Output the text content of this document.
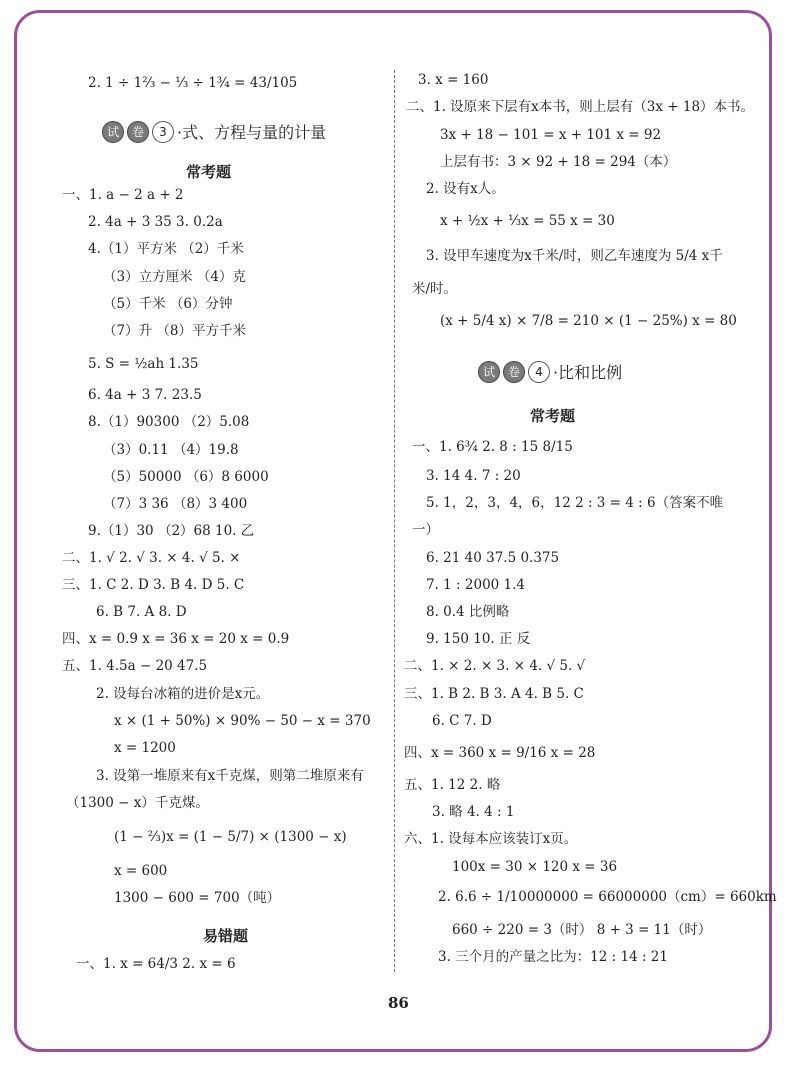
2. 1 ÷ 1⅔ − ⅓ ÷ 1¾ = 43/105
试	卷	3 ·式、方程与量的计量
常考题
一、1. a − 2 a + 2
2. 4a + 3 35 3. 0.2a
4.（1）平方米 （2）千米
（3）立方厘米 （4）克
（5）千米 （6）分钟
（7）升 （8）平方千米
5. S = ½ah 1.35
6. 4a + 3 7. 23.5
8.（1）90300 （2）5.08
（3）0.11 （4）19.8
（5）50000 （6）8 6000
（7）3 36 （8）3 400
9.（1）30 （2）68 10. 乙
二、1. √ 2. √ 3. × 4. √ 5. ×
三、1. C 2. D 3. B 4. D 5. C
6. B 7. A 8. D
四、x = 0.9 x = 36 x = 20 x = 0.9
五、1. 4.5a − 20 47.5
2. 设每台冰箱的进价是x元。
x × (1 + 50%) × 90% − 50 − x = 370
x = 1200
3. 设第一堆原来有x千克煤，则第二堆原来有
（1300 − x）千克煤。
(1 − ⅔)x = (1 − 5/7) × (1300 − x)
x = 600
1300 − 600 = 700（吨）
易错题
一、1. x = 64/3 2. x = 6
3. x = 160
二、1. 设原来下层有x本书，则上层有（3x + 18）本书。
3x + 18 − 101 = x + 101 x = 92
上层有书：3 × 92 + 18 = 294（本）
2. 设有x人。
x + ½x + ⅓x = 55 x = 30
3. 设甲车速度为x千米/时，则乙车速度为 5/4 x千
米/时。
(x + 5/4 x) × 7/8 = 210 × (1 − 25%) x = 80
试	卷	4 ·比和比例
常考题
一、1. 6¾ 2. 8 : 15 8/15
3. 14 4. 7 : 20
5. 1，2，3，4，6，12 2 : 3 = 4 : 6（答案不唯
一）
6. 21 40 37.5 0.375
7. 1 : 2000 1.4
8. 0.4 比例略
9. 150 10. 正 反
二、1. × 2. × 3. × 4. √ 5. √
三、1. B 2. B 3. A 4. B 5. C
6. C 7. D
四、x = 360 x = 9/16 x = 28
五、1. 12 2. 略
3. 略 4. 4 : 1
六、1. 设每本应该装订x页。
100x = 30 × 120 x = 36
2. 6.6 ÷ 1/10000000 = 66000000（cm）= 660km
660 ÷ 220 = 3（时） 8 + 3 = 11（时）
3. 三个月的产量之比为：12 : 14 : 21
86
